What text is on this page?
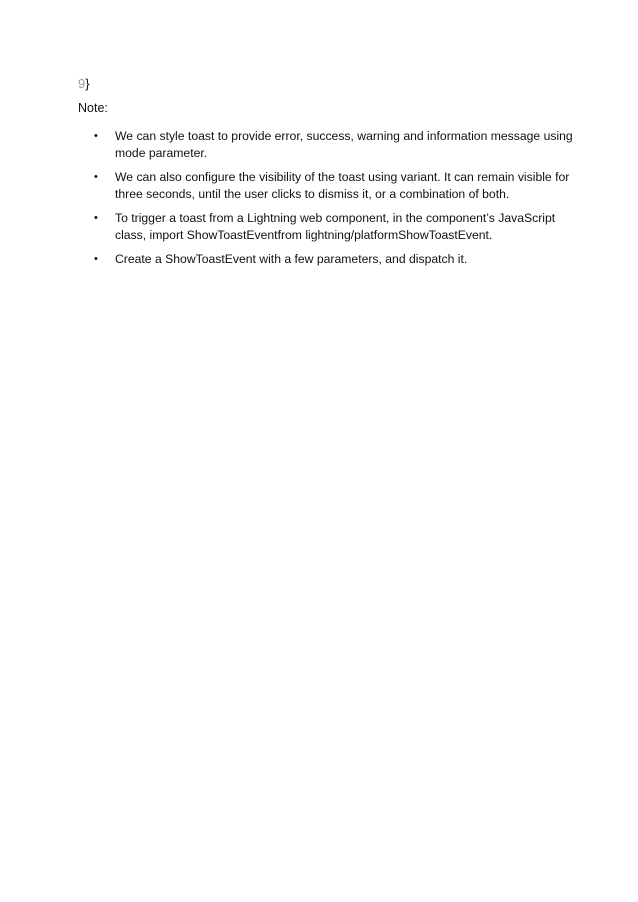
9}
Note:
• We can style toast to provide error, success, warning and information message using mode parameter.
• We can also configure the visibility of the toast using variant. It can remain visible for three seconds, until the user clicks to dismiss it, or a combination of both.
• To trigger a toast from a Lightning web component, in the component’s JavaScript class, import ShowToastEventfrom lightning/platformShowToastEvent.
• Create a ShowToastEvent with a few parameters, and dispatch it.
